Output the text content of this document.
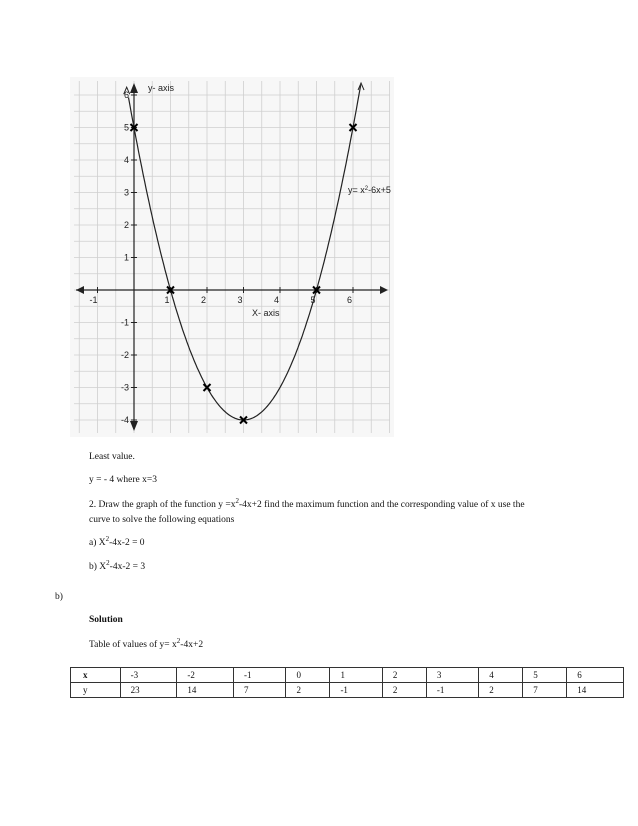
-1	1	2	3	4	5	6
6
5
4
3
2
1
-1
-2
-3
-4
y- axis
X- axis
$y= x^2-6x+5$
Least value.
y = - 4 where x=3
2. Draw the graph of the function $y =x^2-4x+2$ find the maximum function and the corresponding value of x use the
curve to solve the following equations
a) $X^2-4x-2 = 0$
b) $X^2-4x-2 = 3$
b)
Solution
Table of values of $y= x^2-4x+2$
x	-3	-2	-1	0	1	2	3	4	5	6
y	23	14	7	2	-1	2	-1	2	7	14
